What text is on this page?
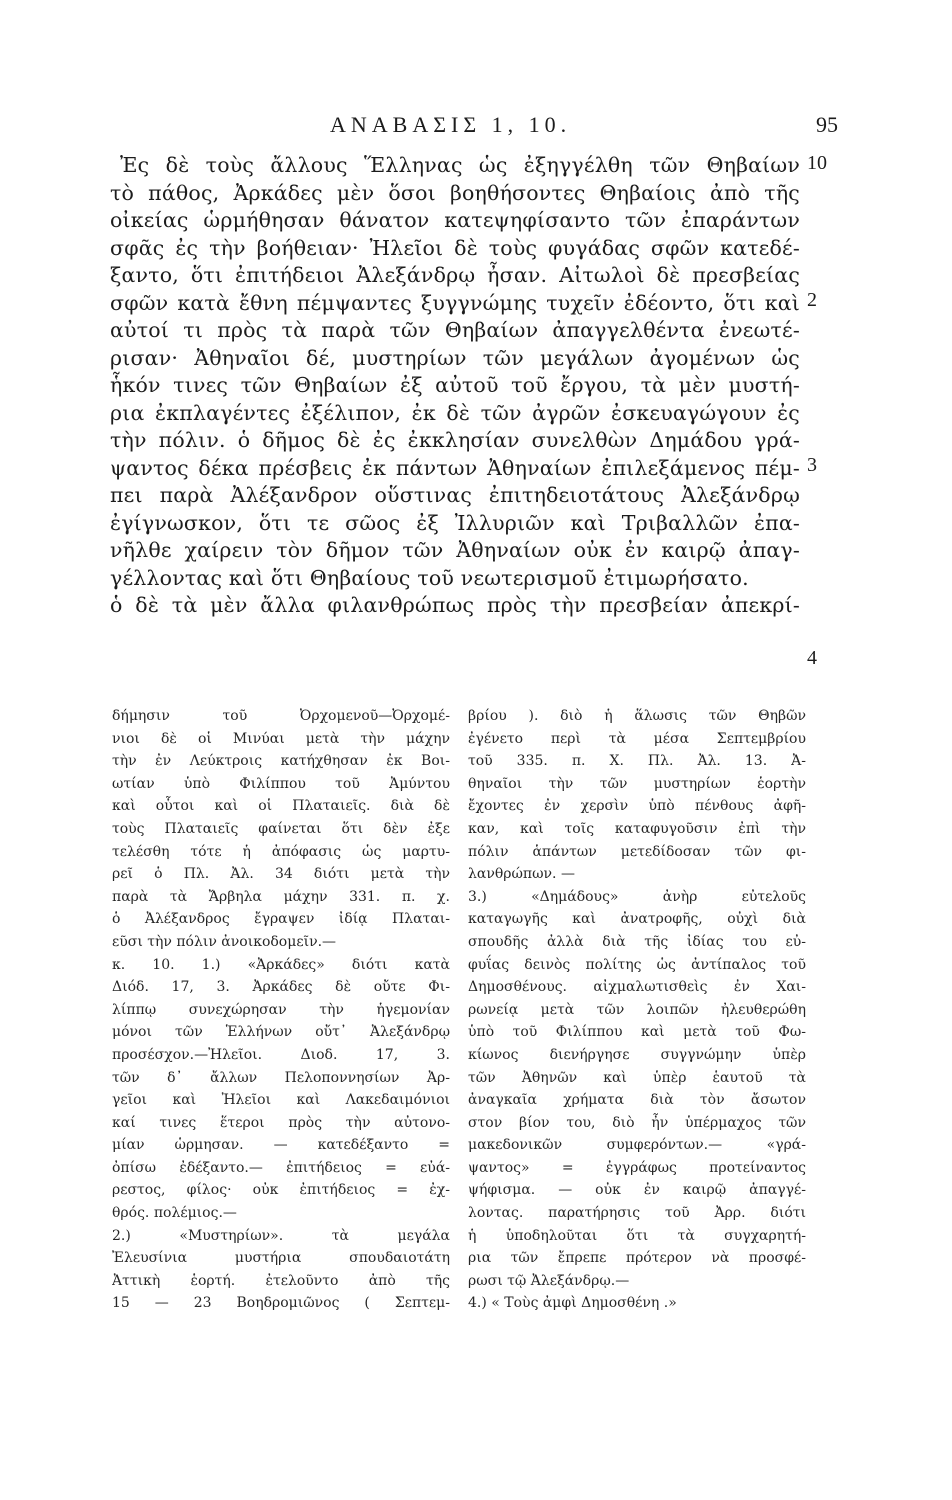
ΑΝΑΒΑΣΙΣ 1, 10.	95
Ἐς δὲ τοὺς ἄλλους Ἕλληνας ὡς ἐξηγγέλθη τῶν Θηβαίων
τὸ πάθος, Ἀρκάδες μὲν ὅσοι βοηθήσοντες Θηβαίοις ἀπὸ τῆς
οἰκείας ὡρμήθησαν θάνατον κατεψηφίσαντο τῶν ἐπαράντων
σφᾶς ἐς τὴν βοήθειαν· Ἠλεῖοι δὲ τοὺς φυγάδας σφῶν κατεδέ-
ξαντο, ὅτι ἐπιτήδειοι Ἀλεξάνδρῳ ἦσαν. Αἰτωλοὶ δὲ πρεσβείας
σφῶν κατὰ ἔθνη πέμψαντες ξυγγνώμης τυχεῖν ἐδέοντο, ὅτι καὶ
αὐτοί τι πρὸς τὰ παρὰ τῶν Θηβαίων ἀπαγγελθέντα ἐνεωτέ-
ρισαν· Ἀθηναῖοι δέ, μυστηρίων τῶν μεγάλων ἀγομένων ὡς
ἧκόν τινες τῶν Θηβαίων ἐξ αὐτοῦ τοῦ ἔργου, τὰ μὲν μυστή-
ρια ἐκπλαγέντες ἐξέλιπον, ἐκ δὲ τῶν ἀγρῶν ἐσκευαγώγουν ἐς
τὴν πόλιν. ὁ δῆμος δὲ ἐς ἐκκλησίαν συνελθὼν Δημάδου γρά-
ψαντος δέκα πρέσβεις ἐκ πάντων Ἀθηναίων ἐπιλεξάμενος πέμ-
πει παρὰ Ἀλέξανδρον οὕστινας ἐπιτηδειοτάτους Ἀλεξάνδρῳ
ἐγίγνωσκον, ὅτι τε σῶος ἐξ Ἰλλυριῶν καὶ Τριβαλλῶν ἐπα-
νῆλθε χαίρειν τὸν δῆμον τῶν Ἀθηναίων οὐκ ἐν καιρῷ ἀπαγ-
γέλλοντας καὶ ὅτι Θηβαίους τοῦ νεωτερισμοῦ ἐτιμωρήσατο.
ὁ δὲ τὰ μὲν ἄλλα φιλανθρώπως πρὸς τὴν πρεσβείαν ἀπεκρί-
10
2
3
4
δήμησιν τοῦ Ὀρχομενοῦ—Ὀρχομέ-
νιοι δὲ οἱ Μινύαι μετὰ τὴν μάχην
τὴν ἐν Λεύκτροις κατήχθησαν ἐκ Βοι-
ωτίαν ὑπὸ Φιλίππου τοῦ Ἀμύντου
καὶ οὗτοι καὶ οἱ Πλαταιεῖς. διὰ δὲ
τοὺς Πλαταιεῖς φαίνεται ὅτι δὲν ἐξε
τελέσθη τότε ἡ ἀπόφασις ὡς μαρτυ-
ρεῖ ὁ Πλ. Ἀλ. 34 διότι μετὰ τὴν
παρὰ τὰ Ἄρβηλα μάχην 331. π. χ.
ὁ Ἀλέξανδρος ἔγραψεν ἰδίᾳ Πλαται-
εῦσι τὴν πόλιν ἀνοικοδομεῖν.—
κ. 10. 1.) «Ἀρκάδες» διότι κατὰ
Διόδ. 17, 3. Ἀρκάδες δὲ οὔτε Φι-
λίππῳ συνεχώρησαν τὴν ἡγεμονίαν
μόνοι τῶν Ἑλλήνων οὔτ᾽ Ἀλεξάνδρῳ
προσέσχον.—Ἠλεῖοι. Διοδ. 17, 3.
τῶν δ᾽ ἄλλων Πελοποννησίων Ἀρ-
γεῖοι καὶ Ἠλεῖοι καὶ Λακεδαιμόνιοι
καί τινες ἕτεροι πρὸς τὴν αὐτονο-
μίαν ὡρμησαν. — κατεδέξαντο =
ὀπίσω ἐδέξαντο.— ἐπιτήδειος = εὐά-
ρεστος, φίλος· οὐκ ἐπιτήδειος = ἐχ-
θρός. πολέμιος.—
2.) «Μυστηρίων». τὰ μεγάλα
Ἐλευσίνια μυστήρια σπουδαιοτάτη
Ἀττικὴ ἑορτή. ἐτελοῦντο ἀπὸ τῆς
15 — 23 Βοηδρομιῶνος ( Σεπτεμ-
βρίου ). διὸ ἡ ἅλωσις τῶν Θηβῶν
ἐγένετο περὶ τὰ μέσα Σεπτεμβρίου
τοῦ 335. π. Χ. Πλ. Ἀλ. 13. Ἀ-
θηναῖοι τὴν τῶν μυστηρίων ἑορτὴν
ἔχοντες ἐν χερσὶν ὑπὸ πένθους ἀφῆ-
καν, καὶ τοῖς καταφυγοῦσιν ἐπὶ τὴν
πόλιν ἁπάντων μετεδίδοσαν τῶν φι-
λανθρώπων. —
3.) «Δημάδους» ἀνὴρ εὐτελοῦς
καταγωγῆς καὶ ἀνατροφῆς, οὐχὶ διὰ
σπουδῆς ἀλλὰ διὰ τῆς ἰδίας του εὐ-
φυΐας δεινὸς πολίτης ὡς ἀντίπαλος τοῦ
Δημοσθένους. αἰχμαλωτισθεὶς ἐν Χαι-
ρωνείᾳ μετὰ τῶν λοιπῶν ἠλευθερώθη
ὑπὸ τοῦ Φιλίππου καὶ μετὰ τοῦ Φω-
κίωνος διενήργησε συγγνώμην ὑπὲρ
τῶν Ἀθηνῶν καὶ ὑπὲρ ἑαυτοῦ τὰ
ἀναγκαῖα χρήματα διὰ τὸν ἄσωτον
στον βίον του, διὸ ἦν ὑπέρμαχος τῶν
μακεδονικῶν συμφερόντων.— «γρά-
ψαντος» = ἐγγράφως προτείναντος
ψήφισμα. — οὐκ ἐν καιρῷ ἀπαγγέ-
λοντας. παρατήρησις τοῦ Ἀρρ. διότι
ἡ ὑποδηλοῦται ὅτι τὰ συγχαρητή-
ρια τῶν ἔπρεπε πρότερον νὰ προσφέ-
ρωσι τῷ Ἀλεξάνδρῳ.—
4.) « Τοὺς ἀμφὶ Δημοσθένη .»
